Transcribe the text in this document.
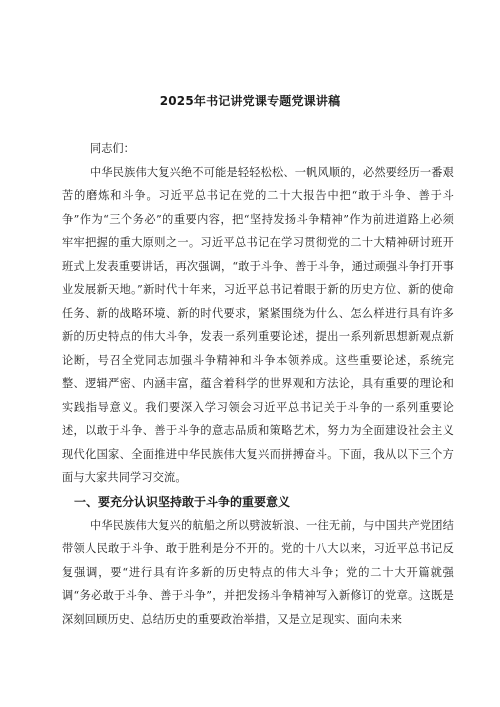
2025年书记讲党课专题党课讲稿

同志们：

中华民族伟大复兴绝不可能是轻轻松松、一帆风顺的，必然要经历一番艰苦的磨炼和斗争。习近平总书记在党的二十大报告中把“敢于斗争、善于斗争”作为“三个务必”的重要内容，把“坚持发扬斗争精神”作为前进道路上必须牢牢把握的重大原则之一。习近平总书记在学习贯彻党的二十大精神研讨班开班式上发表重要讲话，再次强调，“敢于斗争、善于斗争，通过顽强斗争打开事业发展新天地。”新时代十年来，习近平总书记着眼于新的历史方位、新的使命任务、新的战略环境、新的时代要求，紧紧围绕为什么、怎么样进行具有许多新的历史特点的伟大斗争，发表一系列重要论述，提出一系列新思想新观点新论断，号召全党同志加强斗争精神和斗争本领养成。这些重要论述，系统完整、逻辑严密、内涵丰富，蕴含着科学的世界观和方法论，具有重要的理论和实践指导意义。我们要深入学习领会习近平总书记关于斗争的一系列重要论述，以敢于斗争、善于斗争的意志品质和策略艺术，努力为全面建设社会主义现代化国家、全面推进中华民族伟大复兴而拼搏奋斗。下面，我从以下三个方面与大家共同学习交流。

一、要充分认识坚持敢于斗争的重要意义

中华民族伟大复兴的航船之所以劈波斩浪、一往无前，与中国共产党团结带领人民敢于斗争、敢于胜利是分不开的。党的十八大以来，习近平总书记反复强调，要“进行具有许多新的历史特点的伟大斗争；党的二十大开篇就强调“务必敢于斗争、善于斗争”，并把发扬斗争精神写入新修订的党章。这既是深刻回顾历史、总结历史的重要政治举措，又是立足现实、面向未来
